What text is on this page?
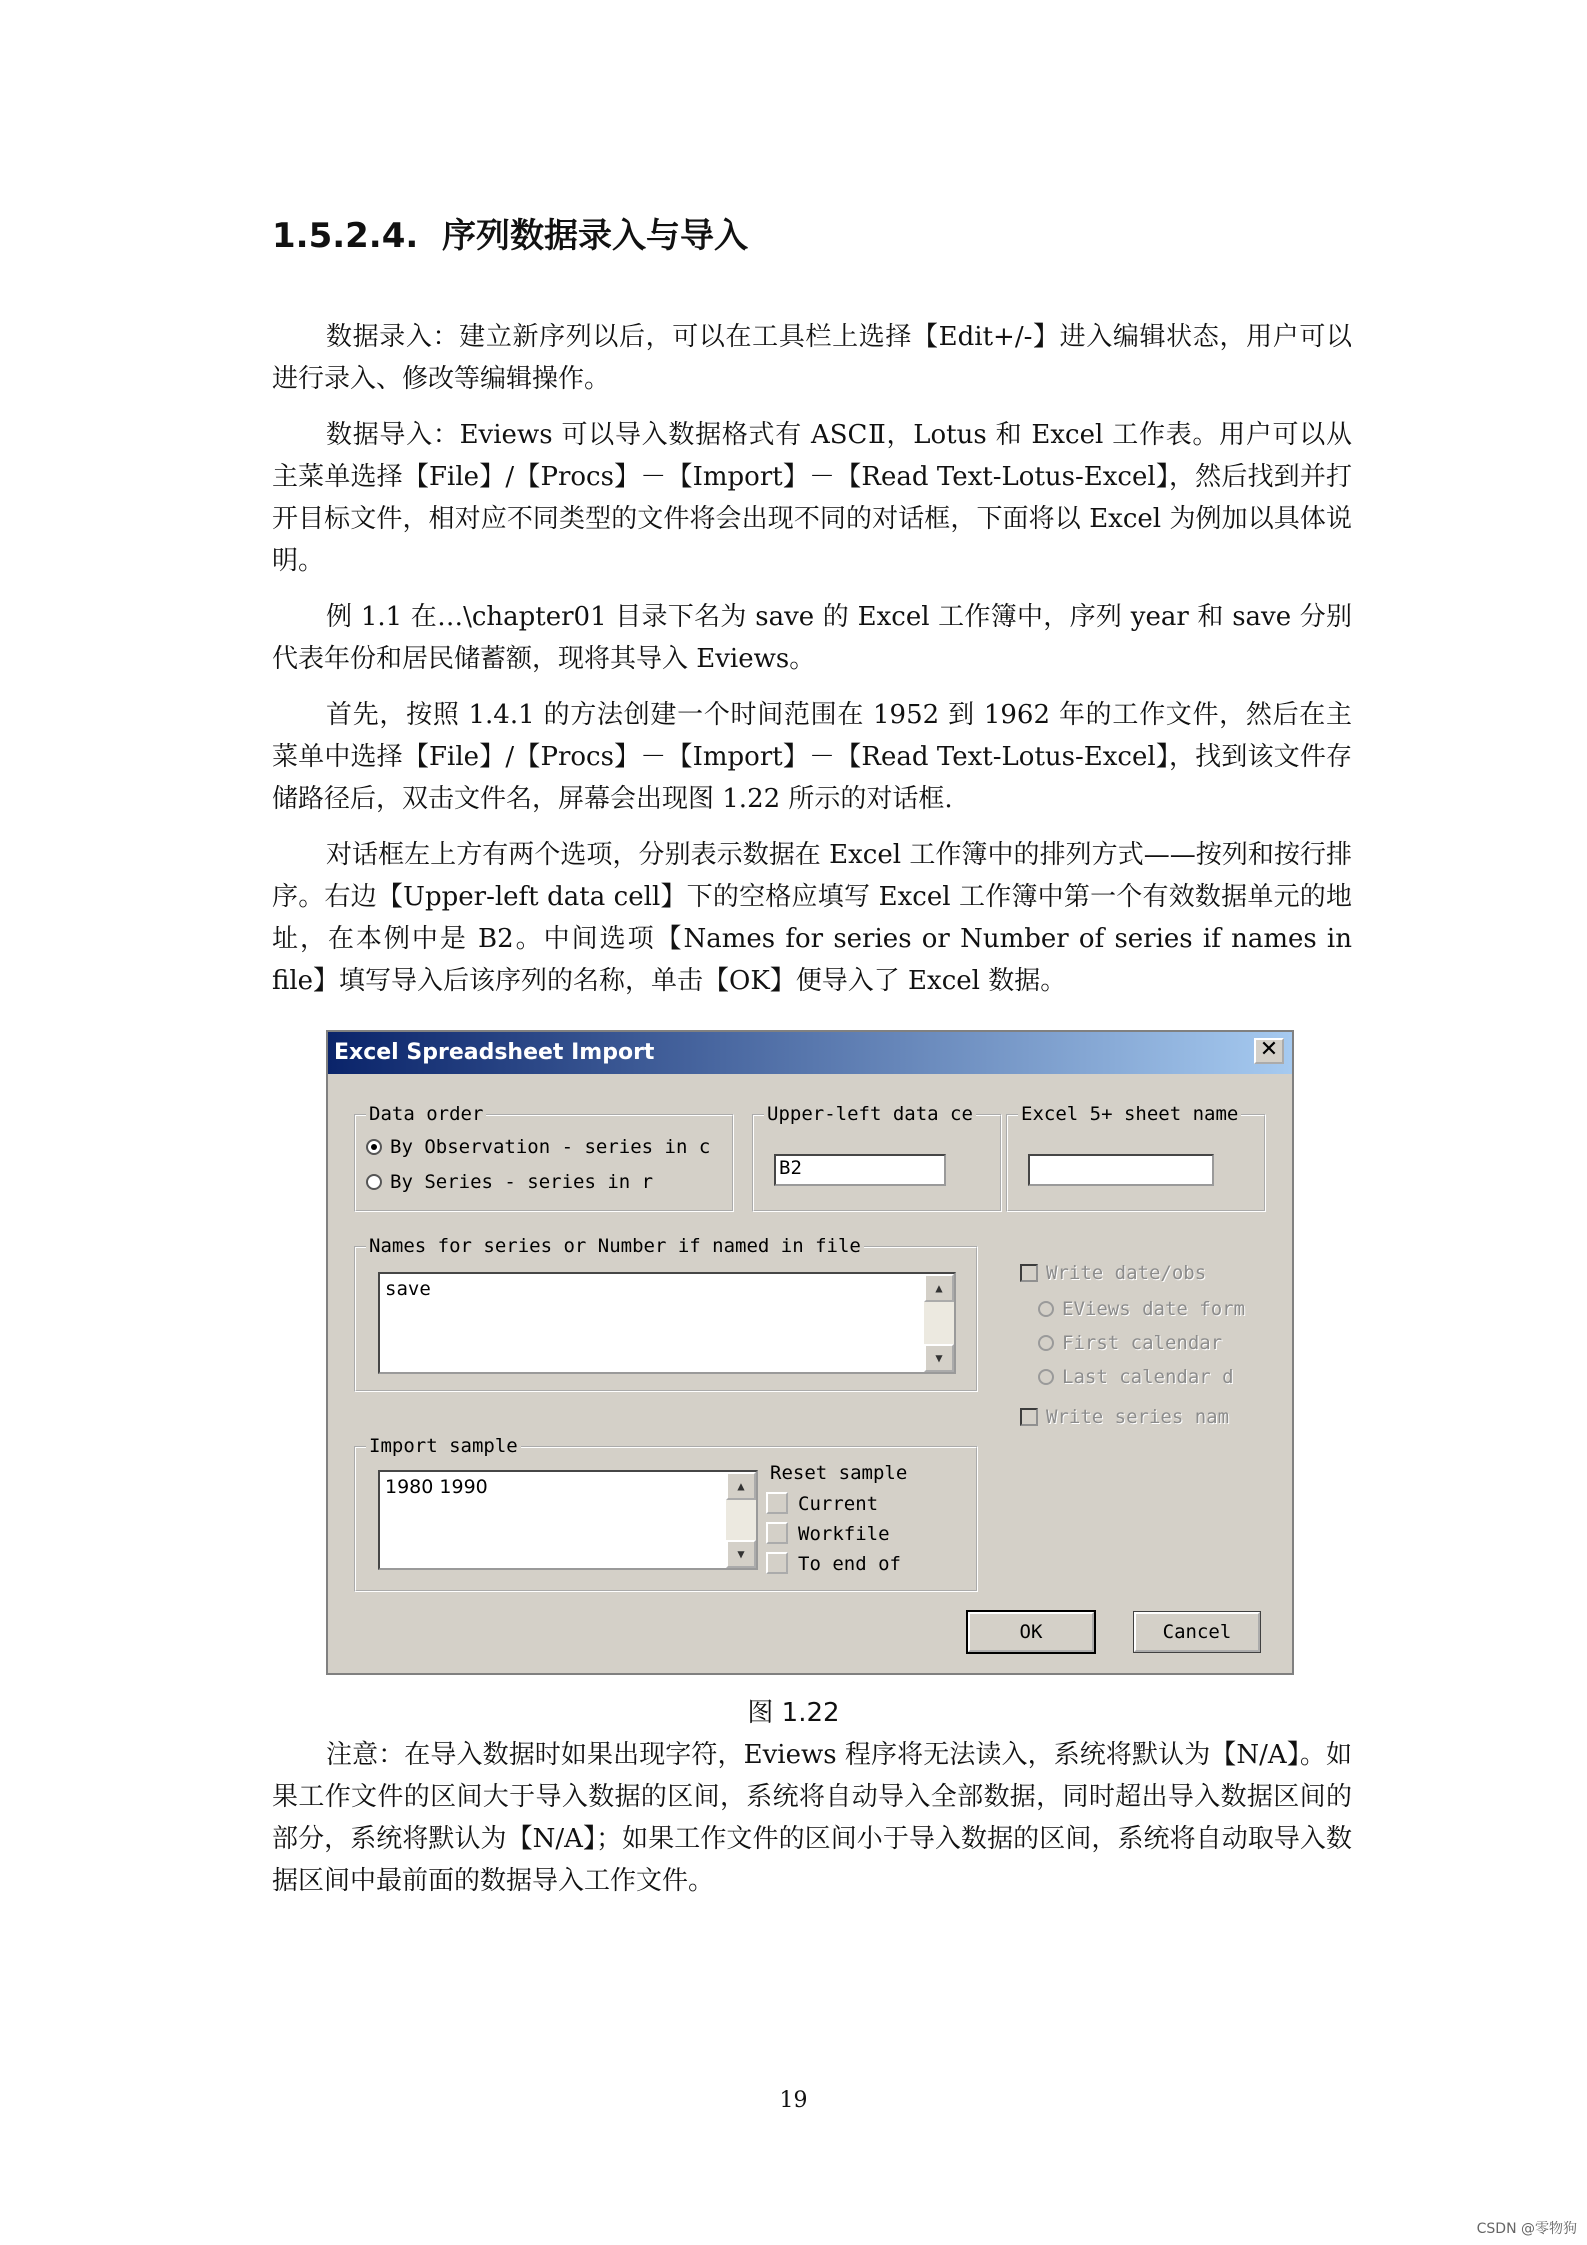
1.5.2.4. 序列数据录入与导入

数据录入：建立新序列以后，可以在工具栏上选择【Edit+/-】进入编辑状态，用户可以进行录入、修改等编辑操作。

数据导入：Eviews 可以导入数据格式有 ASCⅡ，Lotus 和 Excel 工作表。用户可以从主菜单选择【File】/【Procs】－【Import】－【Read Text-Lotus-Excel】，然后找到并打开目标文件，相对应不同类型的文件将会出现不同的对话框，下面将以 Excel 为例加以具体说明。

例 1.1 在…\chapter01 目录下名为 save 的 Excel 工作簿中，序列 year 和 save 分别代表年份和居民储蓄额，现将其导入 Eviews。

首先，按照 1.4.1 的方法创建一个时间范围在 1952 到 1962 年的工作文件，然后在主菜单中选择【File】/【Procs】－【Import】－【Read Text-Lotus-Excel】，找到该文件存储路径后，双击文件名，屏幕会出现图 1.22 所示的对话框.

对话框左上方有两个选项，分别表示数据在 Excel 工作簿中的排列方式——按列和按行排序。右边【Upper-left data cell】下的空格应填写 Excel 工作簿中第一个有效数据单元的地址，在本例中是 B2。中间选项【Names for series or Number of series if names in file】填写导入后该序列的名称，单击【OK】便导入了 Excel 数据。

Excel Spreadsheet Import	✕
Data order
By Observation - series in c
By Series - series in r
Upper-left data ce
B2
Excel 5+ sheet name
Names for series or Number if named in file
save	▲
▼
Write date/obs
EViews date form
First calendar
Last calendar d
Write series nam
Import sample
1980 1990	▲
▼
Reset sample
Current
Workfile
To end of
OK	Cancel
图 1.22

注意：在导入数据时如果出现字符，Eviews 程序将无法读入，系统将默认为【N/A】。如果工作文件的区间大于导入数据的区间，系统将自动导入全部数据，同时超出导入数据区间的部分，系统将默认为【N/A】；如果工作文件的区间小于导入数据的区间，系统将自动取导入数据区间中最前面的数据导入工作文件。

19
CSDN @零物狗
